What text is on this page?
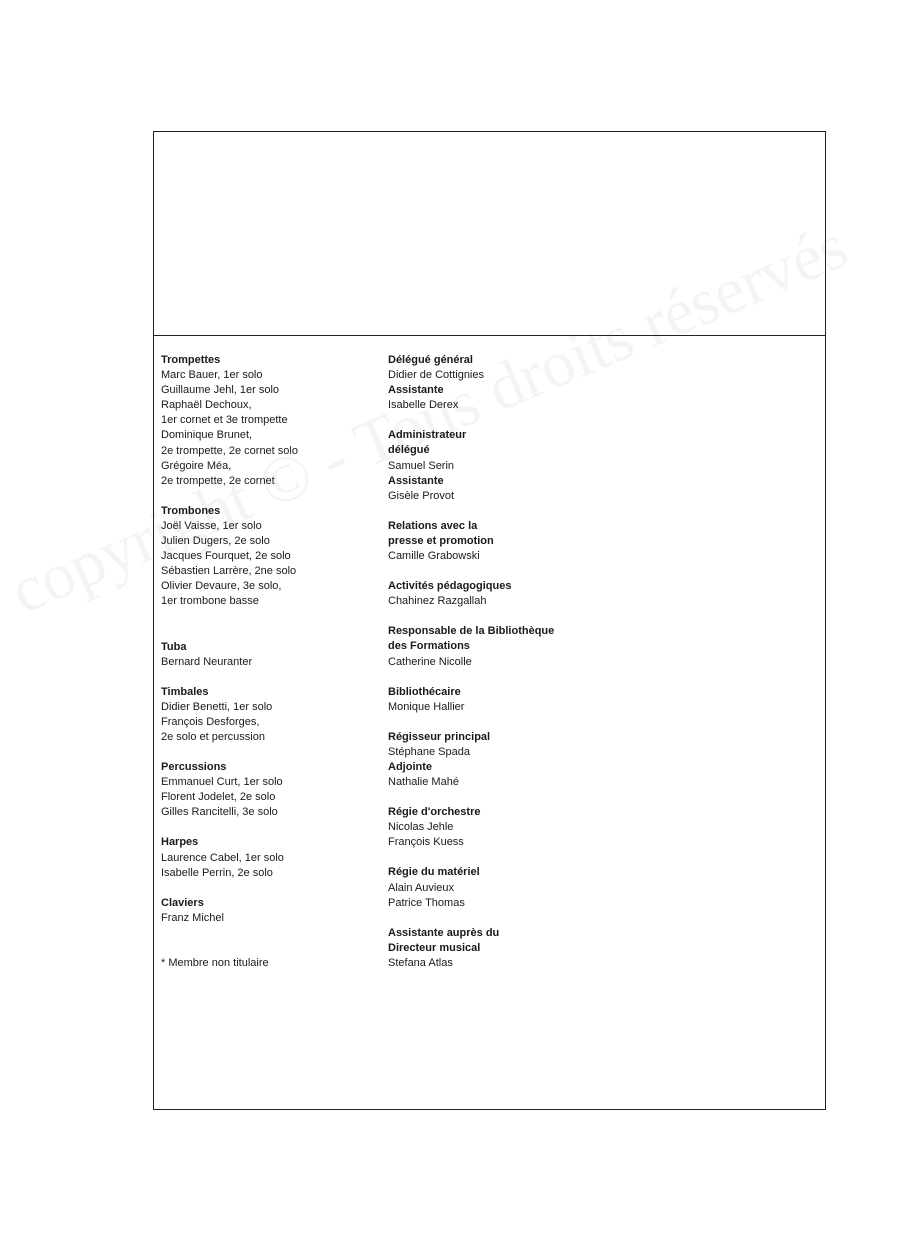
Trompettes
Marc Bauer, 1er solo
Guillaume Jehl, 1er solo
Raphaël Dechoux,
1er cornet et 3e trompette
Dominique Brunet,
2e trompette, 2e cornet solo
Grégoire Méa,
2e trompette, 2e cornet
Trombones
Joël Vaisse, 1er solo
Julien Dugers, 2e solo
Jacques Fourquet, 2e solo
Sébastien Larrère, 2ne solo
Olivier Devaure, 3e solo,
1er trombone basse
Tuba
Bernard Neuranter
Timbales
Didier Benetti, 1er solo
François Desforges,
2e solo et percussion
Percussions
Emmanuel Curt, 1er solo
Florent Jodelet, 2e solo
Gilles Rancitelli, 3e solo
Harpes
Laurence Cabel, 1er solo
Isabelle Perrin, 2e solo
Claviers
Franz Michel
* Membre non titulaire
Délégué général
Didier de Cottignies
Assistante
Isabelle Derex
Administrateur délégué
Samuel Serin
Assistante
Gisèle Provot
Relations avec la presse et promotion
Camille Grabowski
Activités pédagogiques
Chahinez Razgallah
Responsable de la Bibliothèque des Formations
Catherine Nicolle
Bibliothécaire
Monique Hallier
Régisseur principal
Stéphane Spada
Adjointe
Nathalie Mahé
Régie d'orchestre
Nicolas Jehle
François Kuess
Régie du matériel
Alain Auvieux
Patrice Thomas
Assistante auprès du Directeur musical
Stefana Atlas
